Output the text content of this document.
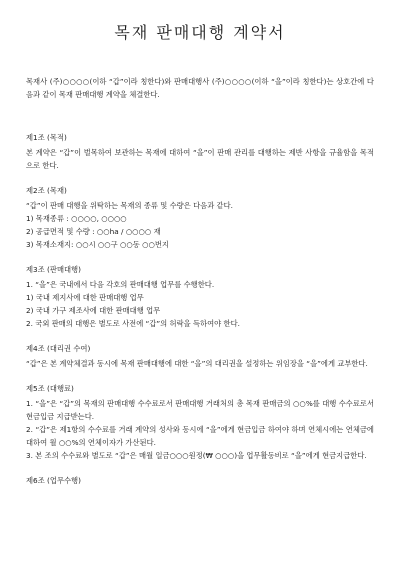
목재 판매대행 계약서

목재사 (주)○○○○(이하 “갑”이라 칭한다)와 판매대행사 (주)○○○○(이하 “을”이라 칭한다)는 상호간에 다음과 같이 목재 판매대행 계약을 체결한다.

제1조 (목적)

본 계약은 “갑”이 벌목하여 보관하는 목재에 대하여 “을”이 판매 관리를 대행하는 제반 사항을 규율함을 목적으로 한다.

제2조 (목재)

“갑”이 판매 대행을 위탁하는 목재의 종류 및 수량은 다음과 같다.

1) 목재종류 : ○○○○, ○○○○

2) 공급면적 및 수량 : ○○ha / ○○○○ 재

3) 목재소재지: ○○시 ○○구 ○○동 ○○번지

제3조 (판매대행)

1. “을”은 국내에서 다음 각호의 판매대행 업무를 수행한다.

1) 국내 제지사에 대한 판매대행 업무

2) 국내 가구 제조사에 대한 판매대행 업무

2. 국외 판매의 대행은 별도로 사전에 “갑”의 허락을 득하여야 한다.

제4조 (대리권 수여)

“갑”은 본 계약체결과 동시에 목재 판매대행에 대한 “을”의 대리권을 설정하는 위임장을 “을”에게 교부한다.

제5조 (대행료)

1. “을”은 “갑”의 목재의 판매대행 수수료로서 판매대행 거래처의 총 목재 판매금의 ○○%를 대행 수수료로서 현금입금 지급받는다.

2. “갑”은 제1항의 수수료를 거래 계약의 성사와 동시에 “을”에게 현금입금 하여야 하며 연체시에는 연체금에 대하여 월 ○○%의 연체이자가 가산된다.

3. 본 조의 수수료와 별도로 “갑”은 매월 일금○○○원정(₩ ○○○)을 업무활동비로 “을”에게 현금지급한다.

제6조 (업무수행)
